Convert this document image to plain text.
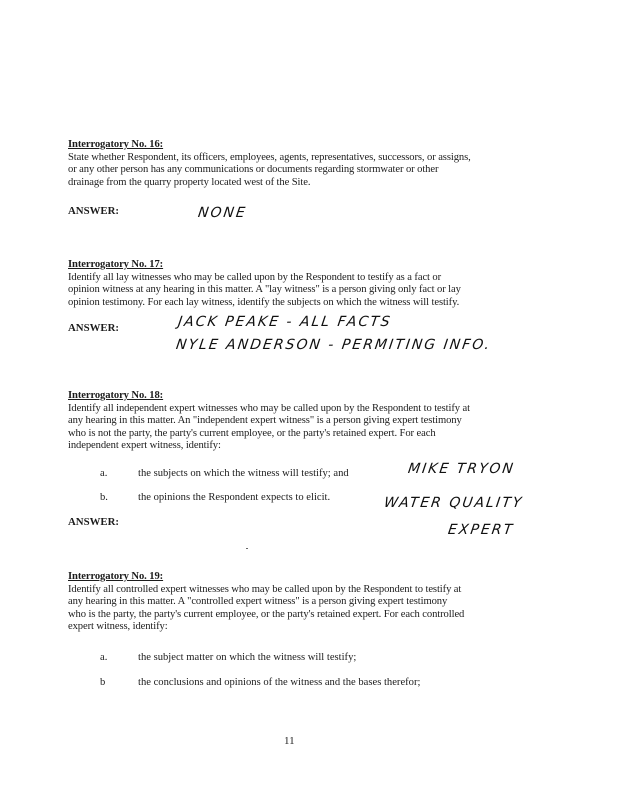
Interrogatory No. 16:
State whether Respondent, its officers, employees, agents, representatives, successors, or assigns,
or any other person has any communications or documents regarding stormwater or other
drainage from the quarry property located west of the Site.
ANSWER:	NONE
Interrogatory No. 17:
Identify all lay witnesses who may be called upon by the Respondent to testify as a fact or
opinion witness at any hearing in this matter. A "lay witness" is a person giving only fact or lay
opinion testimony. For each lay witness, identify the subjects on which the witness will testify.
ANSWER:	JACK PEAKE - ALL FACTS
NYLE ANDERSON - PERMITING INFO.
Interrogatory No. 18:
Identify all independent expert witnesses who may be called upon by the Respondent to testify at
any hearing in this matter. An "independent expert witness" is a person giving expert testimony
who is not the party, the party's current employee, or the party's retained expert. For each
independent expert witness, identify:
a.	the subjects on which the witness will testify; and
b.	the opinions the Respondent expects to elicit.
MIKE TRYON
WATER QUALITY
EXPERT
ANSWER:
Interrogatory No. 19:
Identify all controlled expert witnesses who may be called upon by the Respondent to testify at
any hearing in this matter. A "controlled expert witness" is a person giving expert testimony
who is the party, the party's current employee, or the party's retained expert. For each controlled
expert witness, identify:
a.	the subject matter on which the witness will testify;
b	the conclusions and opinions of the witness and the bases therefor;
11
